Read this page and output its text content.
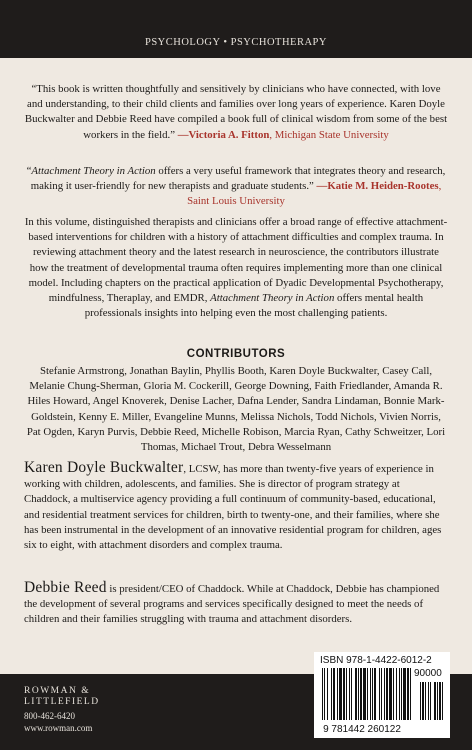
PSYCHOLOGY • PSYCHOTHERAPY

“This book is written thoughtfully and sensitively by clinicians who have connected, with love and understanding, to their child clients and families over long years of experience. Karen Doyle Buckwalter and Debbie Reed have compiled a book full of clinical wisdom from some of the best workers in the field.” —Victoria A. Fitton, Michigan State University

“Attachment Theory in Action offers a very useful framework that integrates theory and research, making it user-friendly for new therapists and graduate students.” —Katie M. Heiden-Rootes, Saint Louis University

In this volume, distinguished therapists and clinicians offer a broad range of effective attachment-based interventions for children with a history of attachment difficulties and complex trauma. In reviewing attachment theory and the latest research in neuroscience, the contributors illustrate how the treatment of developmental trauma often requires implementing more than one clinical model. Including chapters on the practical application of Dyadic Developmental Psychotherapy, mindfulness, Theraplay, and EMDR, Attachment Theory in Action offers mental health professionals insights into helping even the most challenging patients.

CONTRIBUTORS

Stefanie Armstrong, Jonathan Baylin, Phyllis Booth, Karen Doyle Buckwalter, Casey Call, Melanie Chung-Sherman, Gloria M. Cockerill, George Downing, Faith Friedlander, Amanda R. Hiles Howard, Angel Knoverek, Denise Lacher, Dafna Lender, Sandra Lindaman, Bonnie Mark-Goldstein, Kenny E. Miller, Evangeline Munns, Melissa Nichols, Todd Nichols, Vivien Norris, Pat Ogden, Karyn Purvis, Debbie Reed, Michelle Robison, Marcia Ryan, Cathy Schweitzer, Lori Thomas, Michael Trout, Debra Wesselmann

Karen Doyle Buckwalter, LCSW, has more than twenty-five years of experience in working with children, adolescents, and families. She is director of program strategy at Chaddock, a multiservice agency providing a full continuum of community-based, educational, and residential treatment services for children, birth to twenty-one, and their families, where she has been instrumental in the development of an innovative residential program for children, ages six to eight, with attachment disorders and complex trauma.

Debbie Reed is president/CEO of Chaddock. While at Chaddock, Debbie has championed the development of several programs and services specifically designed to meet the needs of children and their families struggling with trauma and attachment disorders.

ROWMAN &
LITTLEFIELD
800-462-6420
www.rowman.com
ISBN 978-1-4422-6012-2
9 781442 260122
90000
